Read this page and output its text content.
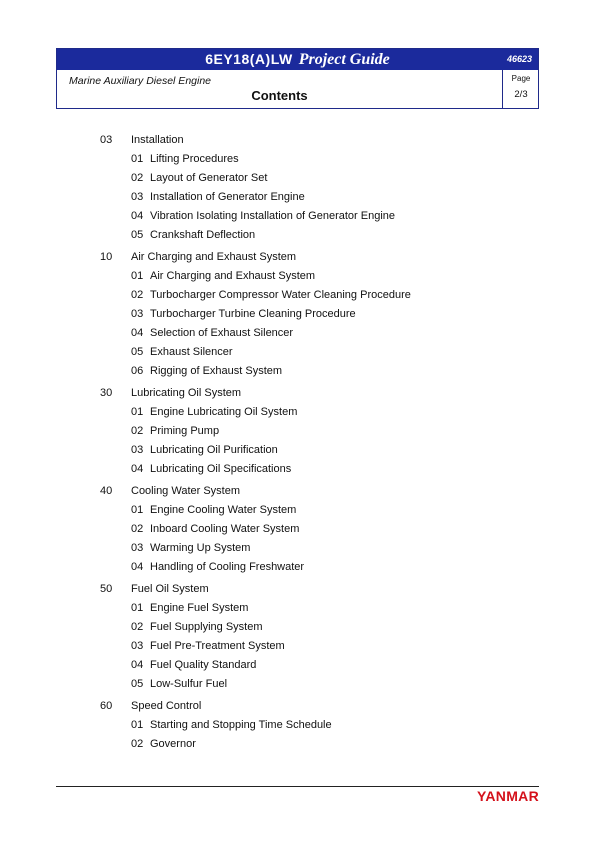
6EY18(A)LW Project Guide	46623
Marine Auxiliary Diesel Engine
Contents
Page
2/3
03 Installation
01 Lifting Procedures
02 Layout of Generator Set
03 Installation of Generator Engine
04 Vibration Isolating Installation of Generator Engine
05 Crankshaft Deflection
10 Air Charging and Exhaust System
01 Air Charging and Exhaust System
02 Turbocharger Compressor Water Cleaning Procedure
03 Turbocharger Turbine Cleaning Procedure
04 Selection of Exhaust Silencer
05 Exhaust Silencer
06 Rigging of Exhaust System
30 Lubricating Oil System
01 Engine Lubricating Oil System
02 Priming Pump
03 Lubricating Oil Purification
04 Lubricating Oil Specifications
40 Cooling Water System
01 Engine Cooling Water System
02 Inboard Cooling Water System
03 Warming Up System
04 Handling of Cooling Freshwater
50 Fuel Oil System
01 Engine Fuel System
02 Fuel Supplying System
03 Fuel Pre-Treatment System
04 Fuel Quality Standard
05 Low-Sulfur Fuel
60 Speed Control
01 Starting and Stopping Time Schedule
02 Governor
YANMAR
